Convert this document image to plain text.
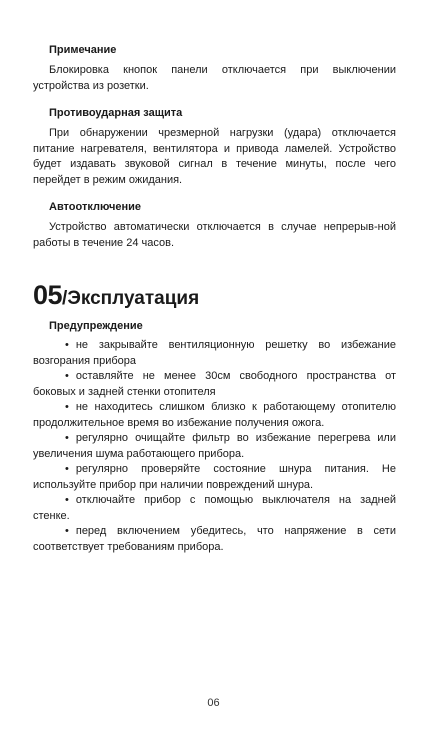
Примечание

Блокировка кнопок панели отключается при выключении устройства из розетки.

Противоударная защита

При обнаружении чрезмерной нагрузки (удара) отключается питание нагревателя, вентилятора и привода ламелей. Устройство будет издавать звуковой сигнал в течение минуты, после чего перейдет в режим ожидания.

Автоотключение

Устройство автоматически отключается в случае непрерыв-ной работы в течение 24 часов.

05/Эксплуатация
Предупреждение

• не закрывайте вентиляционную решетку во избежание возгорания прибора

• оставляйте не менее 30см свободного пространства от боковых и задней стенки отопителя

• не находитесь слишком близко к работающему отопителю продолжительное время во избежание получения ожога.

• регулярно очищайте фильтр во избежание перегрева или увеличения шума работающего прибора.

• регулярно проверяйте состояние шнура питания. Не используйте прибор при наличии повреждений шнура.

• отключайте прибор с помощью выключателя на задней стенке.

• перед включением убедитесь, что напряжение в сети соответствует требованиям прибора.

06
